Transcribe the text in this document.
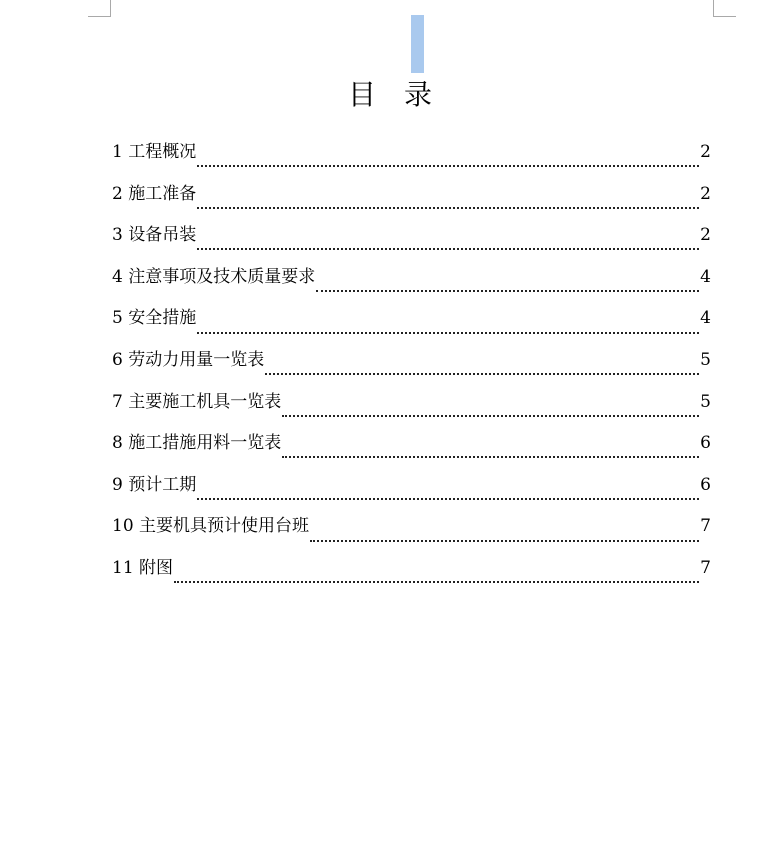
目　录
1 工程概况	2
2 施工准备	2
3 设备吊装	2
4 注意事项及技术质量要求	4
5 安全措施	4
6 劳动力用量一览表	5
7 主要施工机具一览表	5
8 施工措施用料一览表	6
9 预计工期	6
10 主要机具预计使用台班	7
11 附图	7
